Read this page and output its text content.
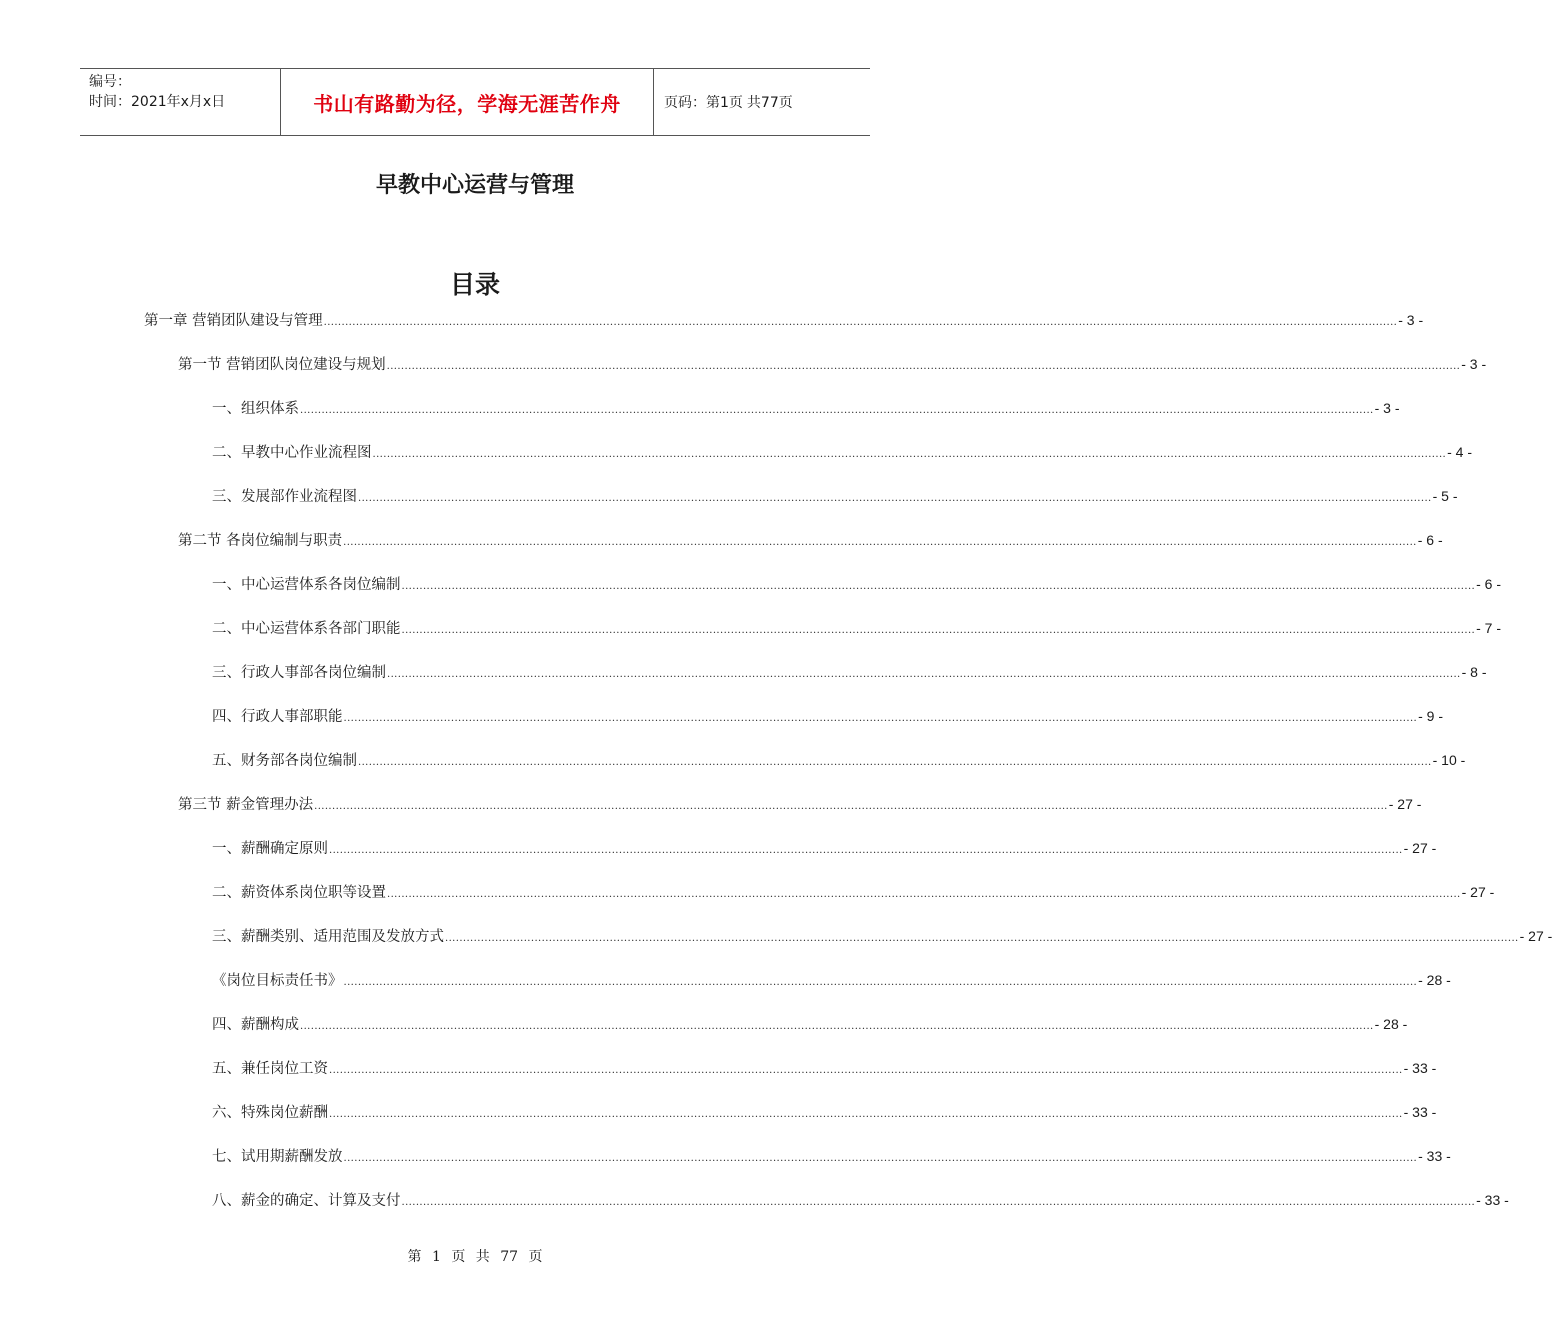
编号：
时间：2021年x月x日	书山有路勤为径，学海无涯苦作舟	页码：第1页 共77页
早教中心运营与管理
目录
第一章 营销团队建设与管理 ............................................................................................................................................................................................................................................................................................................ - 3 -
第一节 营销团队岗位建设与规划 ............................................................................................................................................................................................................................................................................................................ - 3 -
一、组织体系 ............................................................................................................................................................................................................................................................................................................ - 3 -
二、早教中心作业流程图 ............................................................................................................................................................................................................................................................................................................ - 4 -
三、发展部作业流程图 ............................................................................................................................................................................................................................................................................................................ - 5 -
第二节 各岗位编制与职责 ............................................................................................................................................................................................................................................................................................................ - 6 -
一、中心运营体系各岗位编制 ............................................................................................................................................................................................................................................................................................................ - 6 -
二、中心运营体系各部门职能 ............................................................................................................................................................................................................................................................................................................ - 7 -
三、行政人事部各岗位编制 ............................................................................................................................................................................................................................................................................................................ - 8 -
四、行政人事部职能 ............................................................................................................................................................................................................................................................................................................ - 9 -
五、财务部各岗位编制 ............................................................................................................................................................................................................................................................................................................ - 10 -
第三节 薪金管理办法 ............................................................................................................................................................................................................................................................................................................ - 27 -
一、薪酬确定原则 ............................................................................................................................................................................................................................................................................................................ - 27 -
二、薪资体系岗位职等设置 ............................................................................................................................................................................................................................................................................................................ - 27 -
三、薪酬类别、适用范围及发放方式 ............................................................................................................................................................................................................................................................................................................ - 27 -
《岗位目标责任书》 ............................................................................................................................................................................................................................................................................................................ - 28 -
四、薪酬构成 ............................................................................................................................................................................................................................................................................................................ - 28 -
五、兼任岗位工资 ............................................................................................................................................................................................................................................................................................................ - 33 -
六、特殊岗位薪酬 ............................................................................................................................................................................................................................................................................................................ - 33 -
七、试用期薪酬发放 ............................................................................................................................................................................................................................................................................................................ - 33 -
八、薪金的确定、计算及支付 ............................................................................................................................................................................................................................................................................................................ - 33 -
第 1 页 共 77 页
